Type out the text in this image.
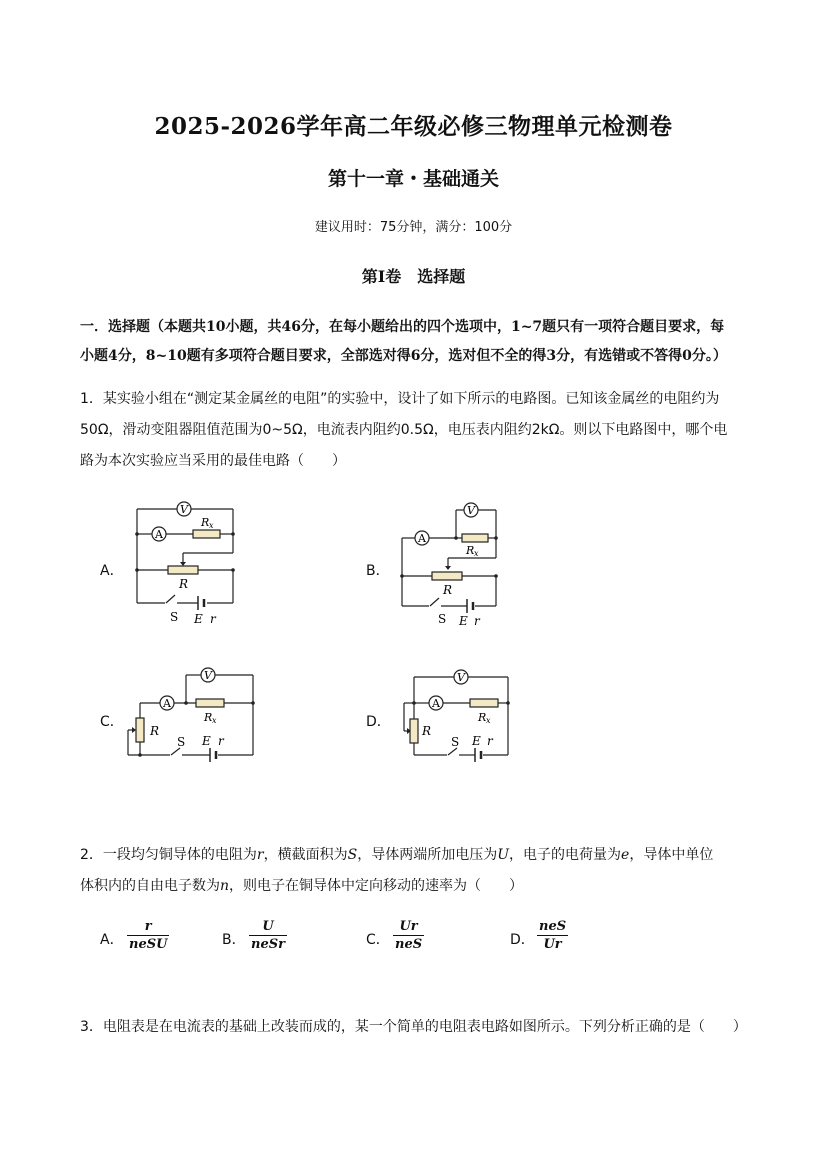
2025-2026学年高二年级必修三物理单元检测卷
第十一章・基础通关
建议用时：75分钟，满分：100分
第Ⅰ卷　选择题
一．选择题（本题共10小题，共46分，在每小题给出的四个选项中，1~7题只有一项符合题目要求，每
小题4分，8~10题有多项符合题目要求，全部选对得6分，选对但不全的得3分，有选错或不答得0分。）
1．某实验小组在“测定某金属丝的电阻”的实验中，设计了如下所示的电路图。已知该金属丝的电阻约为
50Ω，滑动变阻器阻值范围为0~5Ω，电流表内阻约0.5Ω，电压表内阻约2kΩ。则以下电路图中，哪个电
路为本次实验应当采用的最佳电路（　　）
A．	B．
C．	D．
V
A
R x
R
S E r
V
A
R x
R
S E r
V
A
R x
R
S E r
V
A
R x
R
S E r
2．一段均匀铜导体的电阻为r，横截面积为S，导体两端所加电压为U，电子的电荷量为e，导体中单位
体积内的自由电子数为n，则电子在铜导体中定向移动的速率为（　　）
A．
r
neSU	B．
U
neSr	C．
Ur
neS	D．
neS
Ur
3．电阻表是在电流表的基础上改装而成的，某一个简单的电阻表电路如图所示。下列分析正确的是（　　）
